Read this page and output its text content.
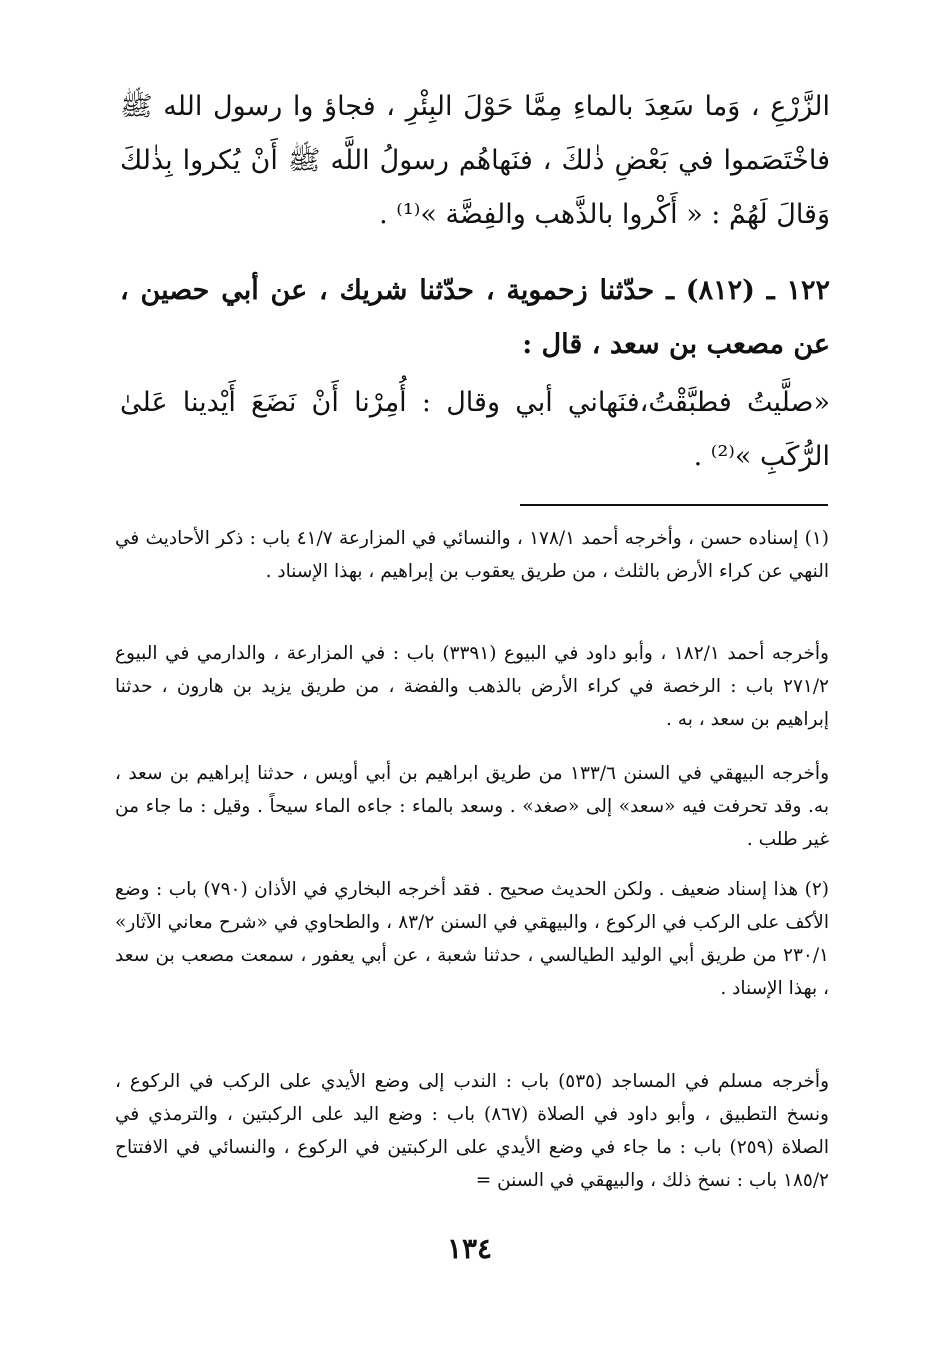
الزَّرْعِ ، وَما سَعِدَ بالماءِ مِمَّا حَوْلَ البِئْرِ ، فجاؤ وا رسول الله ﷺ فاخْتَصَموا في بَعْضِ ذٰلكَ ، فنَهاهُم رسولُ اللَّه ﷺ أَنْ يُكروا بِذٰلكَ وَقالَ لَهُمْ : « أَكْروا بالذَّهب والفِضَّة »⁽¹⁾ .

١٢٢ ـ (٨١٢) ـ حدّثنا زحموية ، حدّثنا شريك ، عن أبي حصين ، عن مصعب بن سعد ، قال :

«صلَّيتُ فطبَّقْتُ،فنَهاني أبي وقال : أُمِرْنا أَنْ نَضَعَ أَيْدينا عَلىٰ الرُّكَبِ »⁽²⁾ .

(١) إسناده حسن ، وأخرجه أحمد ١٧٨/١ ، والنسائي في المزارعة ٤١/٧ باب : ذكر الأحاديث في النهي عن كراء الأرض بالثلث ، من طريق يعقوب بن إبراهيم ، بهذا الإسناد .

وأخرجه أحمد ١٨٢/١ ، وأبو داود في البيوع (٣٣٩١) باب : في المزارعة ، والدارمي في البيوع ٢٧١/٢ باب : الرخصة في كراء الأرض بالذهب والفضة ، من طريق يزيد بن هارون ، حدثنا إبراهيم بن سعد ، به .

وأخرجه البيهقي في السنن ١٣٣/٦ من طريق ابراهيم بن أبي أويس ، حدثنا إبراهيم بن سعد ، به. وقد تحرفت فيه «سعد» إلى «صغد» . وسعد بالماء : جاءه الماء سيحاً . وقيل : ما جاء من غير طلب .

(٢) هذا إسناد ضعيف . ولكن الحديث صحيح . فقد أخرجه البخاري في الأذان (٧٩٠) باب : وضع الأكف على الركب في الركوع ، والبيهقي في السنن ٨٣/٢ ، والطحاوي في «شرح معاني الآثار» ٢٣٠/١ من طريق أبي الوليد الطيالسي ، حدثنا شعبة ، عن أبي يعفور ، سمعت مصعب بن سعد ، بهذا الإسناد .

وأخرجه مسلم في المساجد (٥٣٥) باب : الندب إلى وضع الأيدي على الركب في الركوع ، ونسخ التطبيق ، وأبو داود في الصلاة (٨٦٧) باب : وضع اليد على الركبتين ، والترمذي في الصلاة (٢٥٩) باب : ما جاء في وضع الأيدي على الركبتين في الركوع ، والنسائي في الافتتاح ١٨٥/٢ باب : نسخ ذلك ، والبيهقي في السنن =

١٣٤
